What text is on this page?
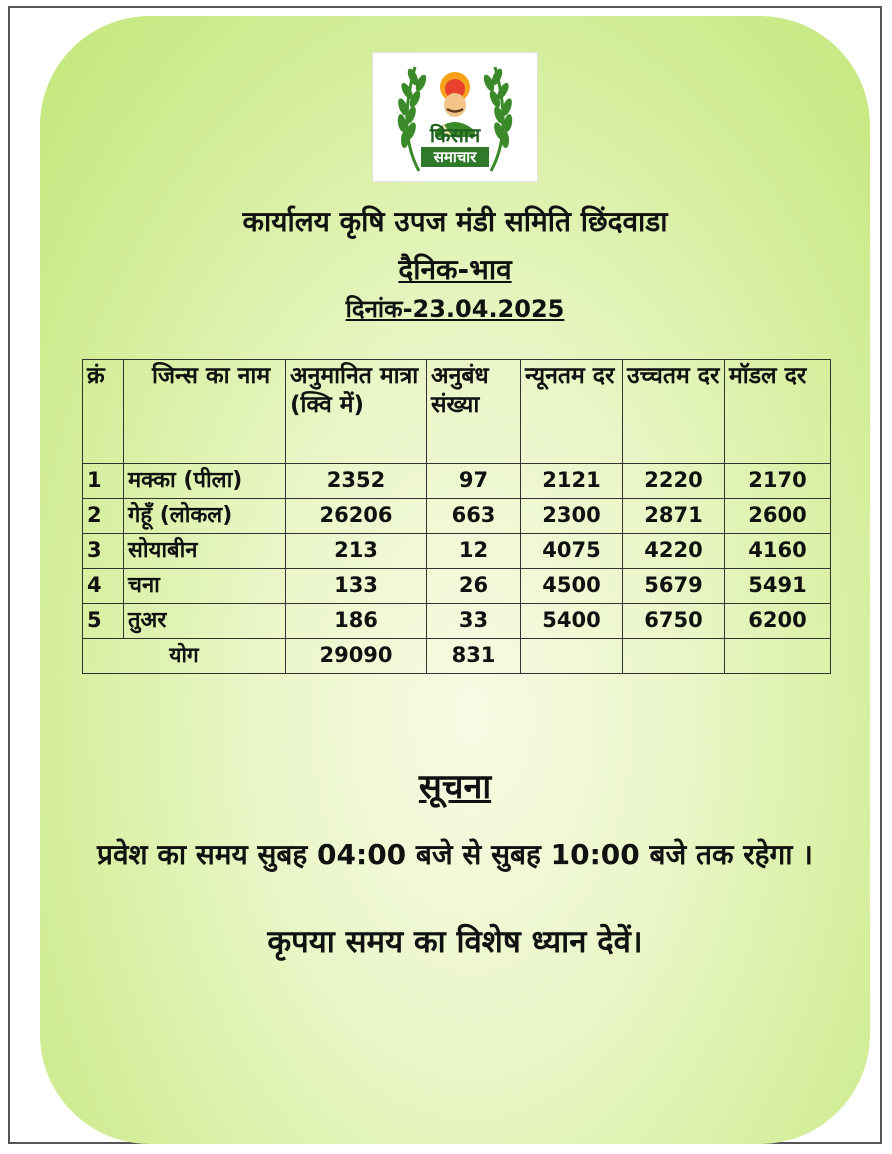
किसान
समाचार
कार्यालय कृषि उपज मंडी समिति छिंदवाडा
दैनिक-भाव
दिनांक-23.04.2025
क्रं	जिन्स का नाम	अनुमानित मात्रा (क्वि में)	अनुबंध संख्या	न्यूनतम दर	उच्चतम दर	मॉडल दर
1	मक्का (पीला)	2352	97	2121	2220	2170
2	गेहूँ (लोकल)	26206	663	2300	2871	2600
3	सोयाबीन	213	12	4075	4220	4160
4	चना	133	26	4500	5679	5491
5	तुअर	186	33	5400	6750	6200
योग		29090	831			
सूचना
प्रवेश का समय सुबह 04:00 बजे से सुबह 10:00 बजे तक रहेगा ।
कृपया समय का विशेष ध्यान देवें।
